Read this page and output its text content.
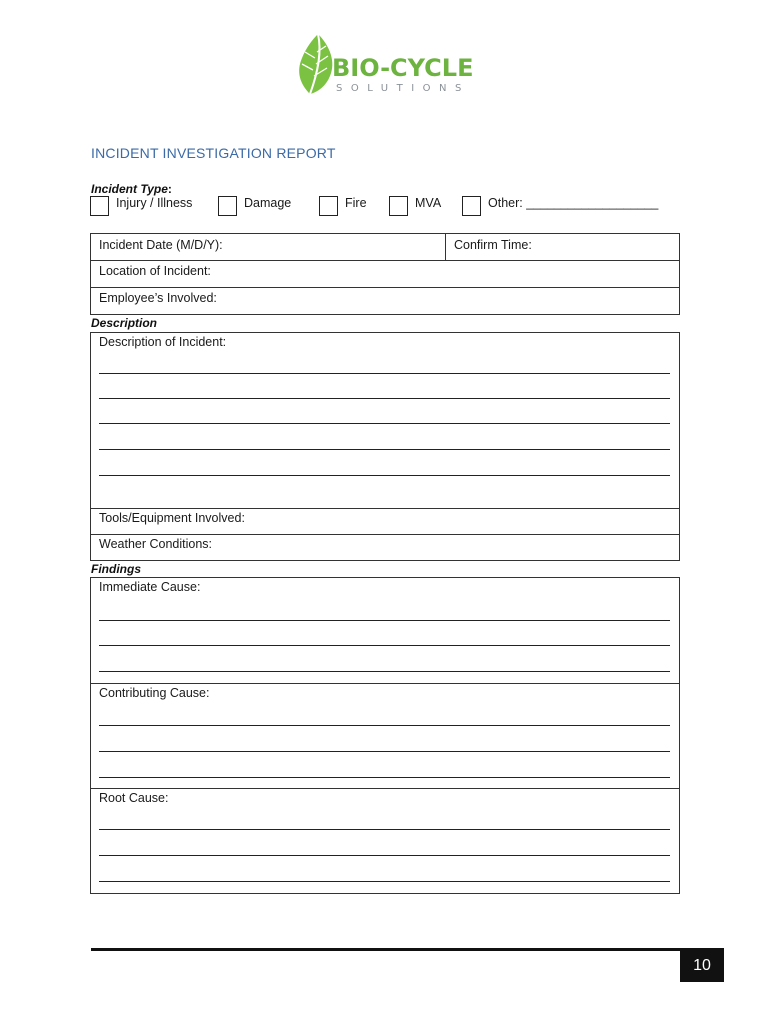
BIO-CYCLE
SOLUTIONS
INCIDENT INVESTIGATION REPORT
Incident Type:
Injury / Illness	Damage	Fire	MVA	Other: ___________________
Incident Date (M/D/Y):	Confirm Time:
Location of Incident:
Employee’s Involved:
Description
Description of Incident:
Tools/Equipment Involved:
Weather Conditions:
Findings
Immediate Cause:
Contributing Cause:
Root Cause:
10
